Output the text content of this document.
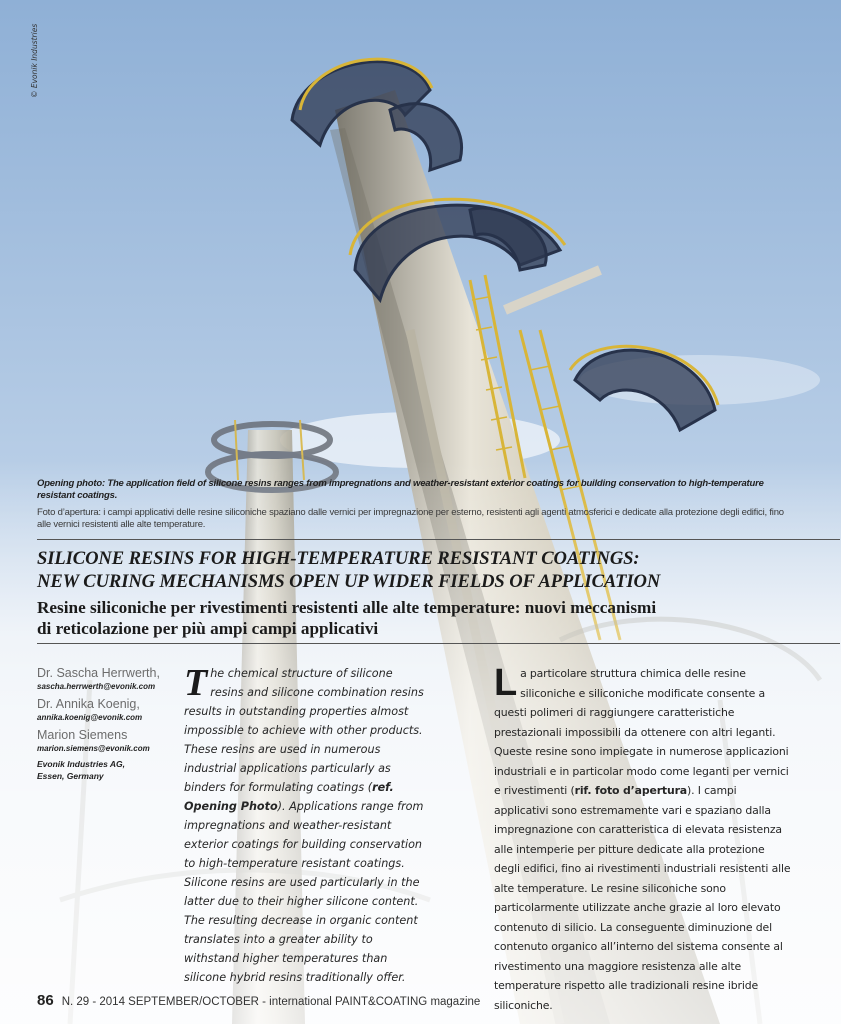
© Evonik Industries
Opening photo: The application field of silicone resins ranges from impregnations and weather-resistant exterior coatings for building conservation to high-temperature resistant coatings.
Foto d’apertura: i campi applicativi delle resine siliconiche spaziano dalle vernici per impregnazione per esterno, resistenti agli agenti atmosferici e dedicate alla protezione degli edifici, fino alle vernici resistenti alle alte temperature.
SILICONE RESINS FOR HIGH-TEMPERATURE RESISTANT COATINGS:
NEW CURING MECHANISMS OPEN UP WIDER FIELDS OF APPLICATION
Resine siliconiche per rivestimenti resistenti alle alte temperature: nuovi meccanismi
di reticolazione per più ampi campi applicativi
Dr. Sascha Herrwerth,
sascha.herrwerth@evonik.com
Dr. Annika Koenig,
annika.koenig@evonik.com
Marion Siemens
marion.siemens@evonik.com
Evonik Industries AG,
Essen, Germany
The chemical structure of silicone resins and silicone combination resins results in outstanding properties almost impossible to achieve with other products. These resins are used in numerous industrial applications particularly as binders for formulating coatings (ref. Opening Photo). Applications range from impregnations and weather-resistant exterior coatings for building conservation to high-temperature resistant coatings. Silicone resins are used particularly in the latter due to their higher silicone content. The resulting decrease in organic content translates into a greater ability to withstand higher temperatures than silicone hybrid resins traditionally offer.
La particolare struttura chimica delle resine siliconiche e siliconiche modificate consente a questi polimeri di raggiungere caratteristiche prestazionali impossibili da ottenere con altri leganti. Queste resine sono impiegate in numerose applicazioni industriali e in particolar modo come leganti per vernici e rivestimenti (rif. foto d’apertura). I campi applicativi sono estremamente vari e spaziano dalla impregnazione con caratteristica di elevata resistenza alle intemperie per pitture dedicate alla protezione degli edifici, fino ai rivestimenti industriali resistenti alle alte temperature. Le resine siliconiche sono particolarmente utilizzate anche grazie al loro elevato contenuto di silicio. La conseguente diminuzione del contenuto organico all’interno del sistema consente al rivestimento una maggiore resistenza alle alte temperature rispetto alle tradizionali resine ibride siliconiche.
86 N. 29 - 2014 SEPTEMBER/OCTOBER - international PAINT&COATING magazine
